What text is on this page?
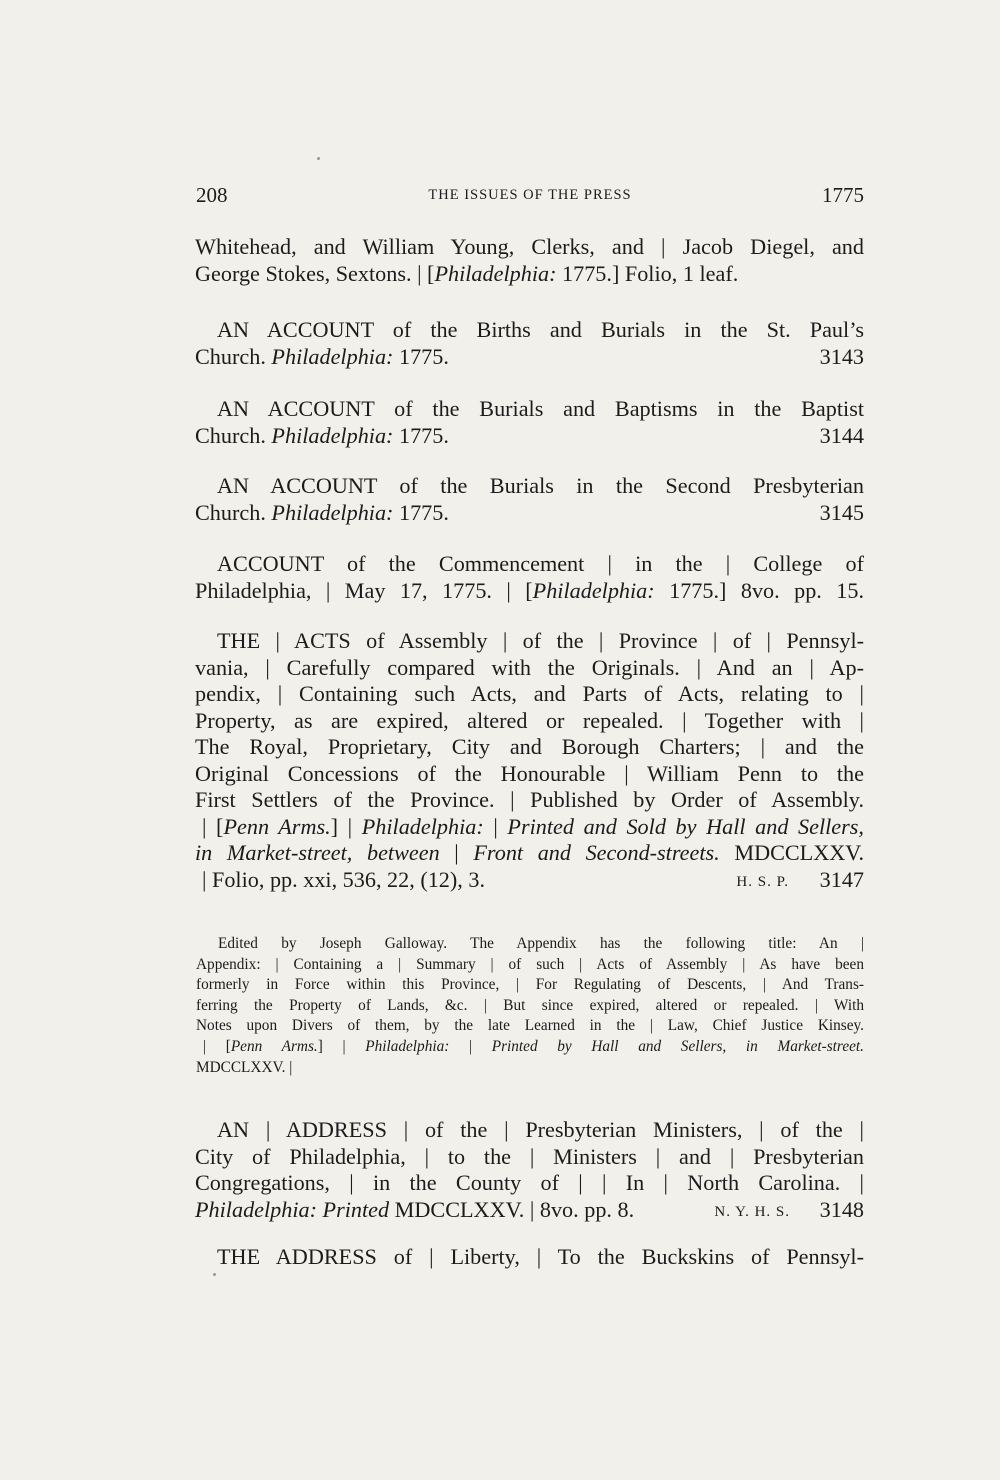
208	THE ISSUES OF THE PRESS	1775
Whitehead, and William Young, Clerks, and | Jacob Diegel, and
George Stokes, Sextons. | [Philadelphia: 1775.] Folio, 1 leaf.
AN ACCOUNT of the Births and Burials in the St. Paul’s
Church. Philadelphia: 1775.	3143
AN ACCOUNT of the Burials and Baptisms in the Baptist
Church. Philadelphia: 1775.	3144
AN ACCOUNT of the Burials in the Second Presbyterian
Church. Philadelphia: 1775.	3145
ACCOUNT of the Commencement | in the | College of
Philadelphia, | May 17, 1775. | [Philadelphia: 1775.] 8vo. pp. 15.
THE | ACTS of Assembly | of the | Province | of | Pennsyl-
vania, | Carefully compared with the Originals. | And an | Ap-
pendix, | Containing such Acts, and Parts of Acts, relating to |
Property, as are expired, altered or repealed. | Together with |
The Royal, Proprietary, City and Borough Charters; | and the
Original Concessions of the Honourable | William Penn to the
First Settlers of the Province. | Published by Order of Assembly.
| [Penn Arms.] | Philadelphia: | Printed and Sold by Hall and Sellers,
in Market-street, between | Front and Second-streets. MDCCLXXV.
| Folio, pp. xxi, 536, 22, (12), 3.	H. S. P. 3147
Edited by Joseph Galloway. The Appendix has the following title: An |
Appendix: | Containing a | Summary | of such | Acts of Assembly | As have been
formerly in Force within this Province, | For Regulating of Descents, | And Trans-
ferring the Property of Lands, &c. | But since expired, altered or repealed. | With
Notes upon Divers of them, by the late Learned in the | Law, Chief Justice Kinsey.
| [Penn Arms.] | Philadelphia: | Printed by Hall and Sellers, in Market-street.
MDCCLXXV. |
AN | ADDRESS | of the | Presbyterian Ministers, | of the |
City of Philadelphia, | to the | Ministers | and | Presbyterian
Congregations, | in the County of | | In | North Carolina. |
Philadelphia: Printed MDCCLXXV. | 8vo. pp. 8.	N. Y. H. S. 3148
THE ADDRESS of | Liberty, | To the Buckskins of Pennsyl-
